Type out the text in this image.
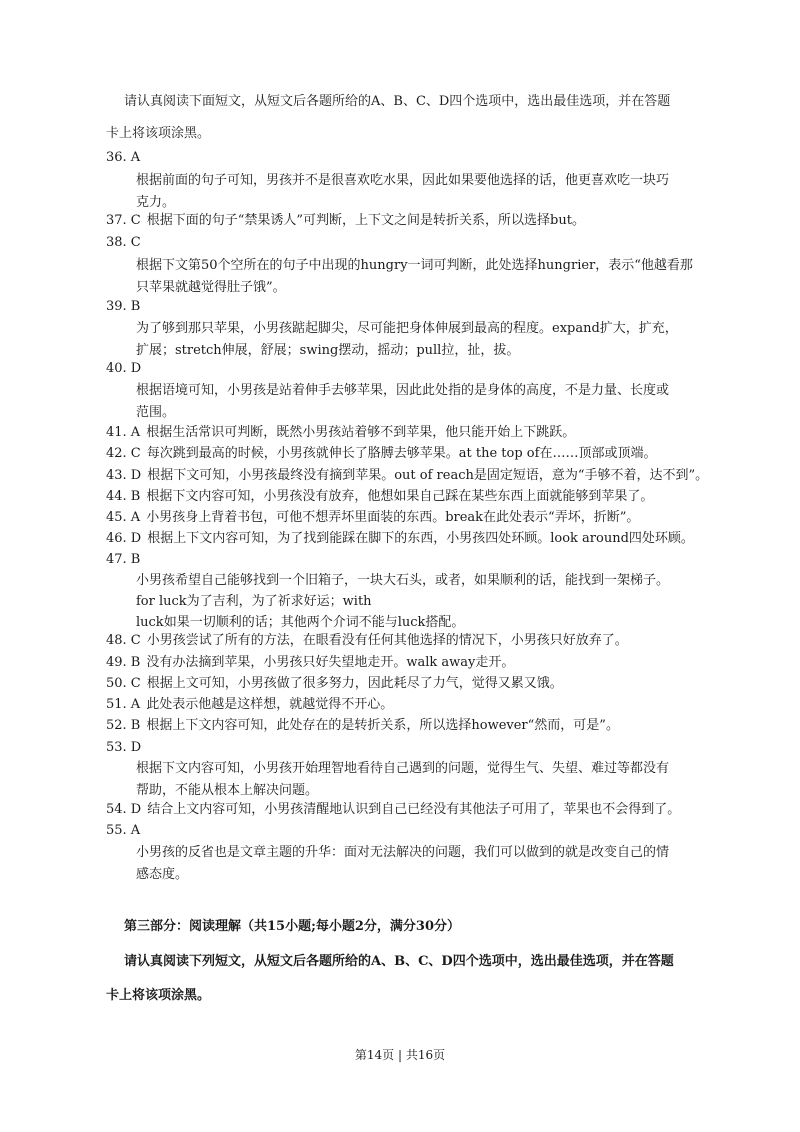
请认真阅读下面短文，从短文后各题所给的A、B、C、D四个选项中，选出最佳选项，并在答题
卡上将该项涂黑。
36. A
根据前面的句子可知，男孩并不是很喜欢吃水果，因此如果要他选择的话，他更喜欢吃一块巧
克力。
37. C 根据下面的句子“禁果诱人”可判断，上下文之间是转折关系，所以选择but。
38. C
根据下文第50个空所在的句子中出现的hungry一词可判断，此处选择hungrier，表示“他越看那
只苹果就越觉得肚子饿”。
39. B
为了够到那只苹果，小男孩踮起脚尖，尽可能把身体伸展到最高的程度。expand扩大，扩充，
扩展；stretch伸展，舒展；swing摆动，摇动；pull拉，扯，拔。
40. D
根据语境可知，小男孩是站着伸手去够苹果，因此此处指的是身体的高度，不是力量、长度或
范围。
41. A 根据生活常识可判断，既然小男孩站着够不到苹果，他只能开始上下跳跃。
42. C 每次跳到最高的时候，小男孩就伸长了胳膊去够苹果。at the top of在……顶部或顶端。
43. D 根据下文可知，小男孩最终没有摘到苹果。out of reach是固定短语，意为“手够不着，达不到”。
44. B 根据下文内容可知，小男孩没有放弃，他想如果自己踩在某些东西上面就能够到苹果了。
45. A 小男孩身上背着书包，可他不想弄坏里面装的东西。break在此处表示“弄坏，折断”。
46. D 根据上下文内容可知，为了找到能踩在脚下的东西，小男孩四处环顾。look around四处环顾。
47. B
小男孩希望自己能够找到一个旧箱子，一块大石头，或者，如果顺利的话，能找到一架梯子。
for luck为了吉利，为了祈求好运；with
luck如果一切顺利的话；其他两个介词不能与luck搭配。
48. C 小男孩尝试了所有的方法，在眼看没有任何其他选择的情况下，小男孩只好放弃了。
49. B 没有办法摘到苹果，小男孩只好失望地走开。walk away走开。
50. C 根据上文可知，小男孩做了很多努力，因此耗尽了力气，觉得又累又饿。
51. A 此处表示他越是这样想，就越觉得不开心。
52. B 根据上下文内容可知，此处存在的是转折关系，所以选择however“然而，可是”。
53. D
根据下文内容可知，小男孩开始理智地看待自己遇到的问题，觉得生气、失望、难过等都没有
帮助，不能从根本上解决问题。
54. D 结合上文内容可知，小男孩清醒地认识到自己已经没有其他法子可用了，苹果也不会得到了。
55. A
小男孩的反省也是文章主题的升华：面对无法解决的问题，我们可以做到的就是改变自己的情
感态度。
第三部分：阅读理解（共15小题;每小题2分，满分30分）
请认真阅读下列短文，从短文后各题所给的A、B、C、D四个选项中，选出最佳选项，并在答题
卡上将该项涂黑。
第14页 | 共16页
